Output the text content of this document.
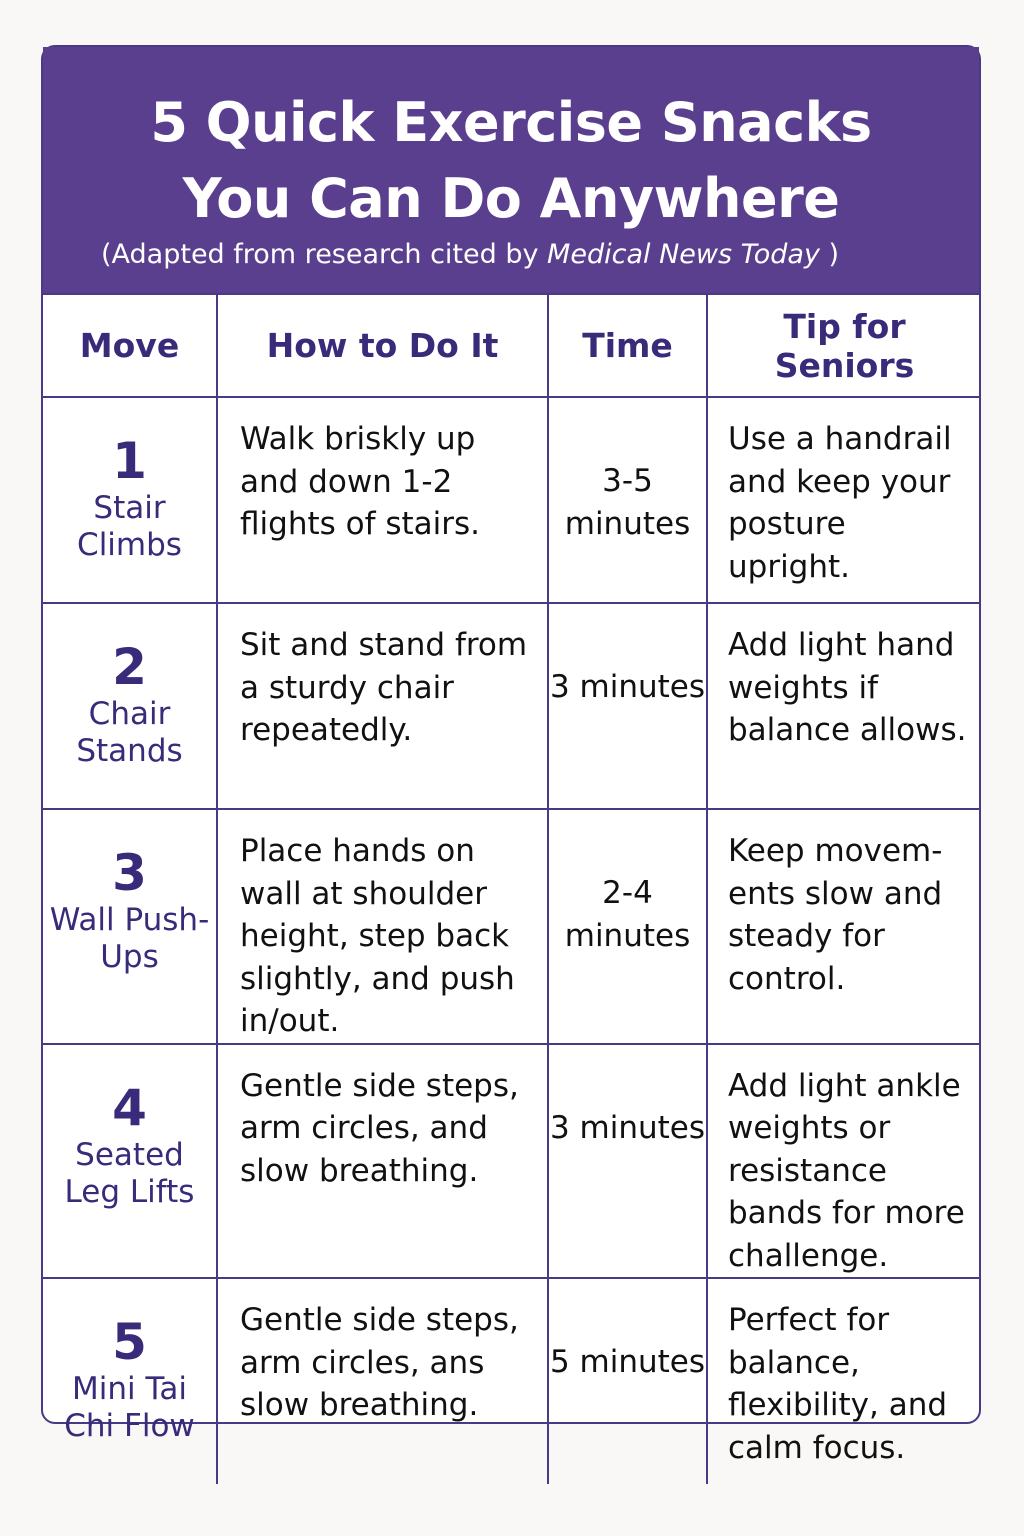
5 Quick Exercise Snacks
You Can Do Anywhere
(Adapted from research cited by Medical News Today )
Move	How to Do It	Time	Tip for Seniors

1
Stair Climbs	Walk briskly up and down 1-2 flights of stairs.	3-5 minutes	Use a handrail and keep your posture upright.

2
Chair Stands	Sit and stand from a sturdy chair repeatedly.	3 minutes	Add light hand weights if balance allows.

3
Wall Push-Ups	Place hands on wall at shoulder height, step back slightly, and push in/out.	2-4 minutes	Keep movem-ents slow and steady for control.

4
Seated Leg Lifts	Gentle side steps, arm circles, and slow breathing.	3 minutes	Add light ankle weights or resistance bands for more challenge.

5
Mini Tai Chi Flow	Gentle side steps, arm circles, ans slow breathing.	5 minutes	Perfect for balance, flexibility, and calm focus.
